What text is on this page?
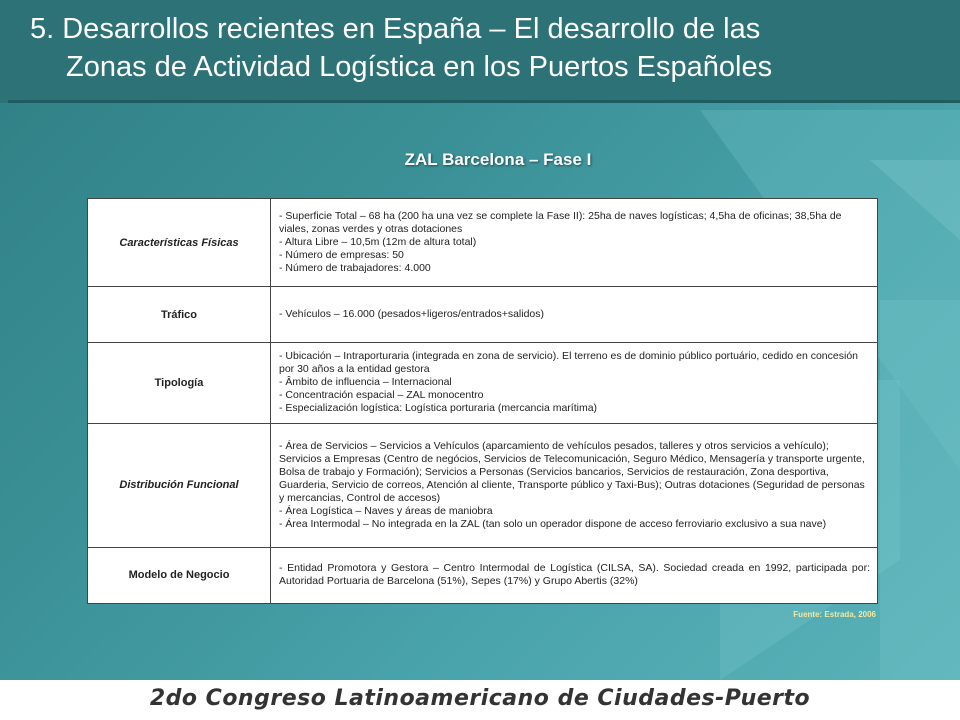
5. Desarrollos recientes en España – El desarrollo de las
Zonas de Actividad Logística en los Puertos Españoles
ZAL Barcelona – Fase I
Características Físicas	- Superficie Total – 68 ha (200 ha una vez se complete la Fase II): 25ha de naves logísticas; 4,5ha de oficinas; 38,5ha de viales, zonas verdes y otras dotaciones
- Altura Libre – 10,5m (12m de altura total)
- Número de empresas: 50
- Número de trabajadores: 4.000

Tráfico	- Vehículos – 16.000 (pesados+ligeros/entrados+salidos)

Tipología	- Ubicación – Intraporturaria (integrada en zona de servicio). El terreno es de dominio público portuário, cedido en concesión por 30 años a la entidad gestora
- Âmbito de influencia – Internacional
- Concentración espacial – ZAL monocentro
- Especialización logística: Logística porturaria (mercancia marítima)

Distribución Funcional	- Área de Servicios – Servicios a Vehículos (aparcamiento de vehículos pesados, talleres y otros servicios a vehículo); Servicios a Empresas (Centro de negócios, Servicios de Telecomunicación, Seguro Médico, Mensagería y transporte urgente, Bolsa de trabajo y Formación); Servicios a Personas (Servicios bancarios, Servicios de restauración, Zona desportiva, Guarderia, Servicio de correos, Atención al cliente, Transporte público y Taxi-Bus); Outras dotaciones (Seguridad de personas y mercancias, Control de accesos)
- Área Logística – Naves y áreas de maniobra
- Área Intermodal – No integrada en la ZAL (tan solo un operador dispone de acceso ferroviario exclusivo a sua nave)

Modelo de Negocio	- Entidad Promotora y Gestora – Centro Intermodal de Logística (CILSA, SA). Sociedad creada en 1992, participada por: Autoridad Portuaria de Barcelona (51%), Sepes (17%) y Grupo Abertis (32%)
Fuente: Estrada, 2006
2do Congreso Latinoamericano de Ciudades-Puerto
